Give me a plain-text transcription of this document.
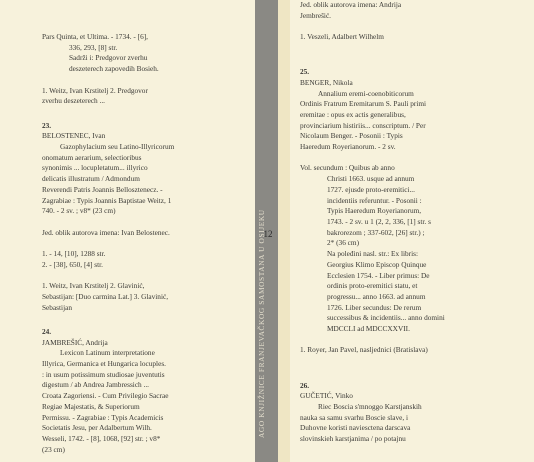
AGO KNJIŽNICE FRANJEVAČKOG SAMOSTANA U OSIJEKU
12
Pars Quinta, et Ultima. - 1734. - [6],
336, 293, [8] str.
Sadrži i: Predgovor zverhu
deszeterech zapovedih Bosieh.
1. Weitz, Ivan Krstitelj 2. Predgovor
zverhu deszeterech ...
23.
BELOSTENEC, Ivan
Gazophylacium seu Latino-Illyricorum
onomatum aerarium, selectioribus
synonimis ... locupletatum... illyrico
delicatis illustratum / Admondum
Reverendi Patris Joannis Bellosztenecz. -
Zagrabiae : Typis Joannis Baptistae Weitz, 1
740. - 2 sv. ; v8* (23 cm)
Jed. oblik autorova imena: Ivan Belostenec.
1. - 14, [10], 1288 str.
2. - [38], 650, [4] str.
1. Weitz, Ivan Krstitelj 2. Glavinić,
Sebastijan: [Duo carmina Lat.] 3. Glavinić,
Sebastijan
24.
JAMBREŠIĆ, Andrija
Lexicon Latinum interpretatione
Illyrica, Germanica et Hungarica locuples.
: in usum potissimum studiosae juventutis
digestum / ab Andrea Jambressich ...
Croata Zagoriensi. - Cum Privilegio Sacrae
Regiae Majestatis, & Superiorum
Permissu. - Zagrabiae : Typis Academicis
Societatis Jesu, per Adalbertum Wilh.
Wesseli, 1742. - [8], 1068, [92] str. ; v8*
(23 cm)
Jed. oblik autorova imena: Andrija
Jembrešić.
1. Veszeli, Adalbert Wilhelm
25.
BENGER, Nikola
Annalium eremi-coenobiticorum
Ordinis Fratrum Eremitarum S. Pauli primi
eremitae : opus ex actis generalibus,
provinciarium histiriis... conscriptum. / Per
Nicolaum Benger. - Posonii : Typis
Haeredum Royerianorum. - 2 sv.
Vol. secundum : Quibus ab anno
Christi 1663. usque ad annum
1727. ejusde proto-eremitici...
incidentiis referuntur. - Posonii :
Typis Haeredum Royerianorum,
1743. - 2 sv. u 1 (2, 2, 336, [1] str. s
bakrorezom ; 337-602, [26] str.) ;
2* (36 cm)
Na poleđini nasl. str.: Ex libris:
Georgius Klimo Episcop Quinque
Ecclesien 1754. - Liber primus: De
ordinis proto-eremitici statu, et
progressu... anno 1663. ad annum
1726. Liber secundus: De rerum
successibus & incidentiis... anno domini
MDCCLI ad MDCCXXVII.
1. Royer, Jan Pavel, nasljednici (Bratislava)
26.
GUČETIĆ, Vinko
Riec Boscia s'mnoggo Karstjanskih
nauka sa samu svarhu Boscie slave, i
Duhovne koristi naviesctena darscava
slovinskieh karstjanima / po potajnu
